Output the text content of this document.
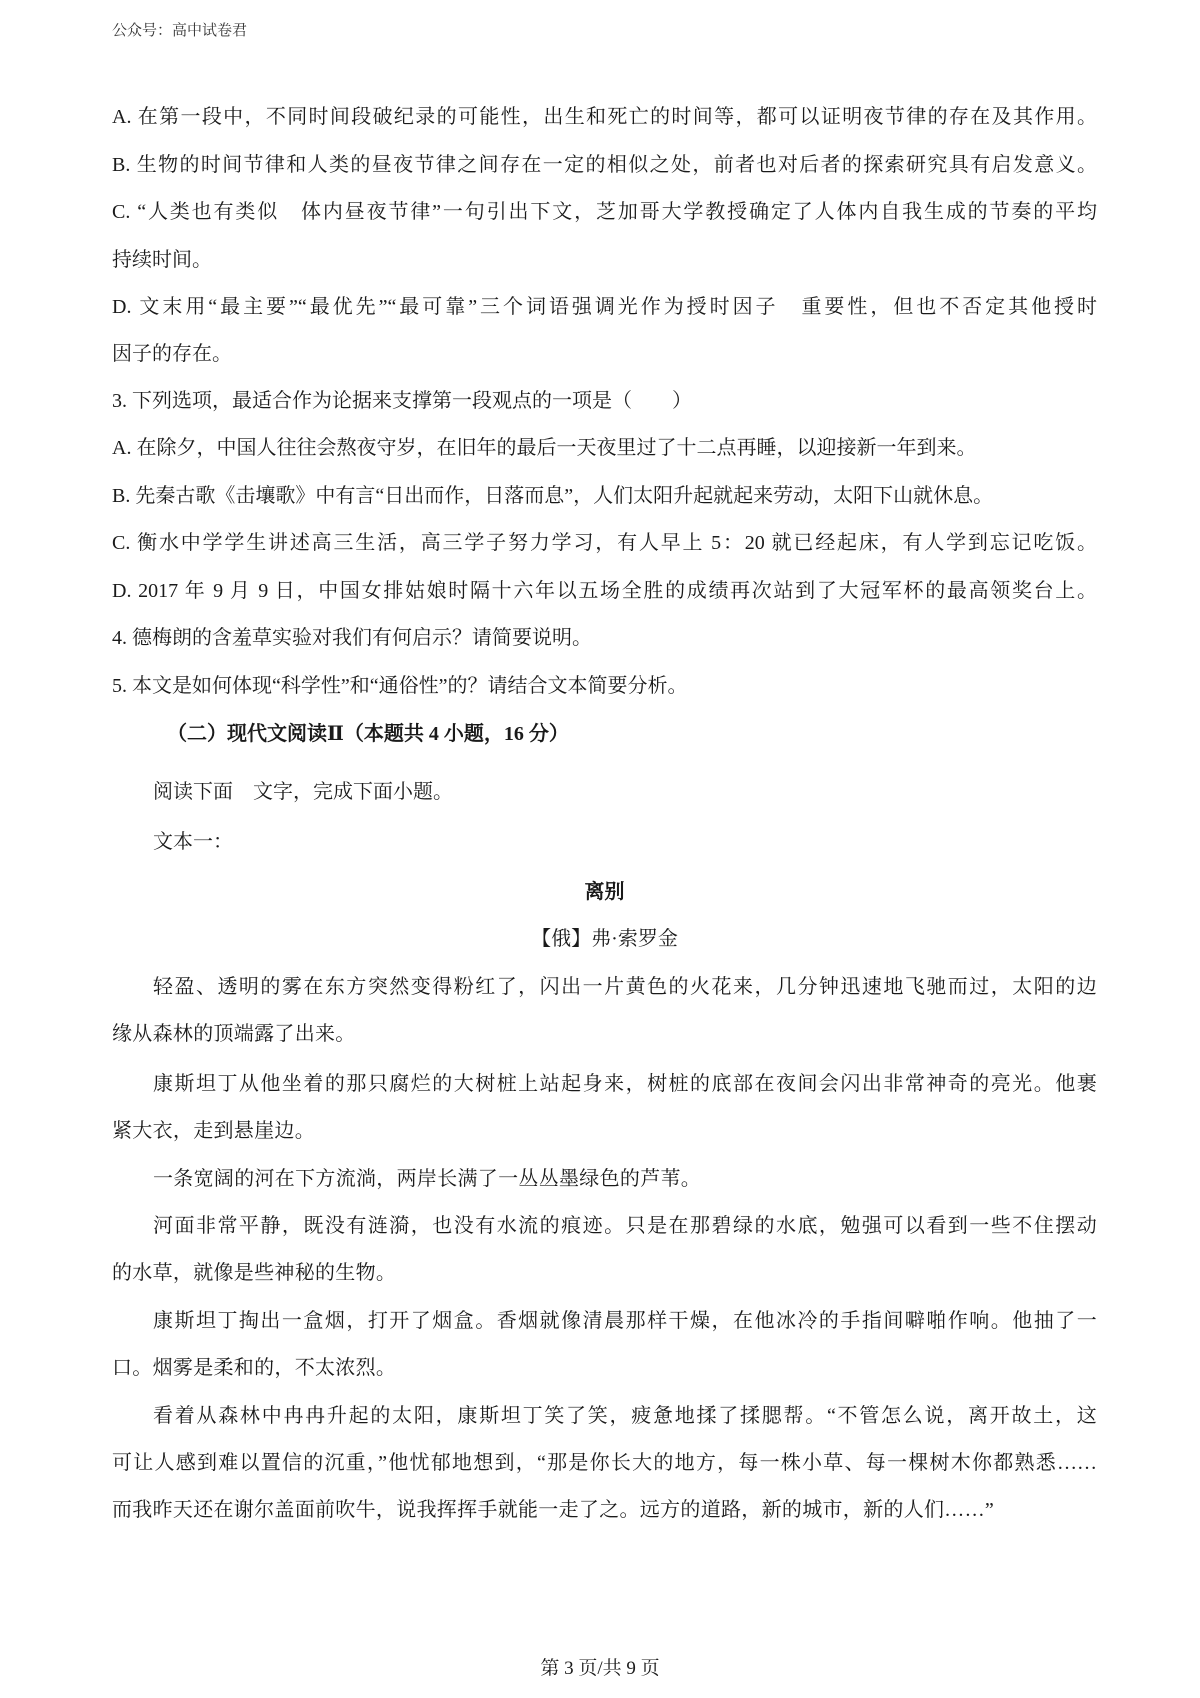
公众号：高中试卷君
A. 在第一段中，不同时间段破纪录的可能性，出生和死亡的时间等，都可以证明夜节律的存在及其作用。
B. 生物的时间节律和人类的昼夜节律之间存在一定的相似之处，前者也对后者的探索研究具有启发意义。
C. “人类也有类似　体内昼夜节律”一句引出下文，芝加哥大学教授确定了人体内自我生成的节奏的平均
持续时间。
D. 文末用“最主要”“最优先”“最可靠”三个词语强调光作为授时因子　重要性，但也不否定其他授时
因子的存在。
3. 下列选项，最适合作为论据来支撑第一段观点的一项是（　　）
A. 在除夕，中国人往往会熬夜守岁，在旧年的最后一天夜里过了十二点再睡，以迎接新一年到来。
B. 先秦古歌《击壤歌》中有言“日出而作，日落而息”，人们太阳升起就起来劳动，太阳下山就休息。
C. 衡水中学学生讲述高三生活，高三学子努力学习，有人早上 5：20 就已经起床，有人学到忘记吃饭。
D. 2017 年 9 月 9 日，中国女排姑娘时隔十六年以五场全胜的成绩再次站到了大冠军杯的最高领奖台上。
4. 德梅朗的含羞草实验对我们有何启示？请简要说明。
5. 本文是如何体现“科学性”和“通俗性”的？请结合文本简要分析。
（二）现代文阅读Ⅱ（本题共 4 小题，16 分）
阅读下面　文字，完成下面小题。
文本一：
离别
【俄】弗·索罗金
轻盈、透明的雾在东方突然变得粉红了，闪出一片黄色的火花来，几分钟迅速地飞驰而过，太阳的边
缘从森林的顶端露了出来。
康斯坦丁从他坐着的那只腐烂的大树桩上站起身来，树桩的底部在夜间会闪出非常神奇的亮光。他裹
紧大衣，走到悬崖边。
一条宽阔的河在下方流淌，两岸长满了一丛丛墨绿色的芦苇。
河面非常平静，既没有涟漪，也没有水流的痕迹。只是在那碧绿的水底，勉强可以看到一些不住摆动
的水草，就像是些神秘的生物。
康斯坦丁掏出一盒烟，打开了烟盒。香烟就像清晨那样干燥，在他冰冷的手指间噼啪作响。他抽了一
口。烟雾是柔和的，不太浓烈。
看着从森林中冉冉升起的太阳，康斯坦丁笑了笑，疲惫地揉了揉腮帮。“不管怎么说，离开故土，这
可让人感到难以置信的沉重，”他忧郁地想到，“那是你长大的地方，每一株小草、每一棵树木你都熟悉……
而我昨天还在谢尔盖面前吹牛，说我挥挥手就能一走了之。远方的道路，新的城市，新的人们……”
第 3 页/共 9 页
